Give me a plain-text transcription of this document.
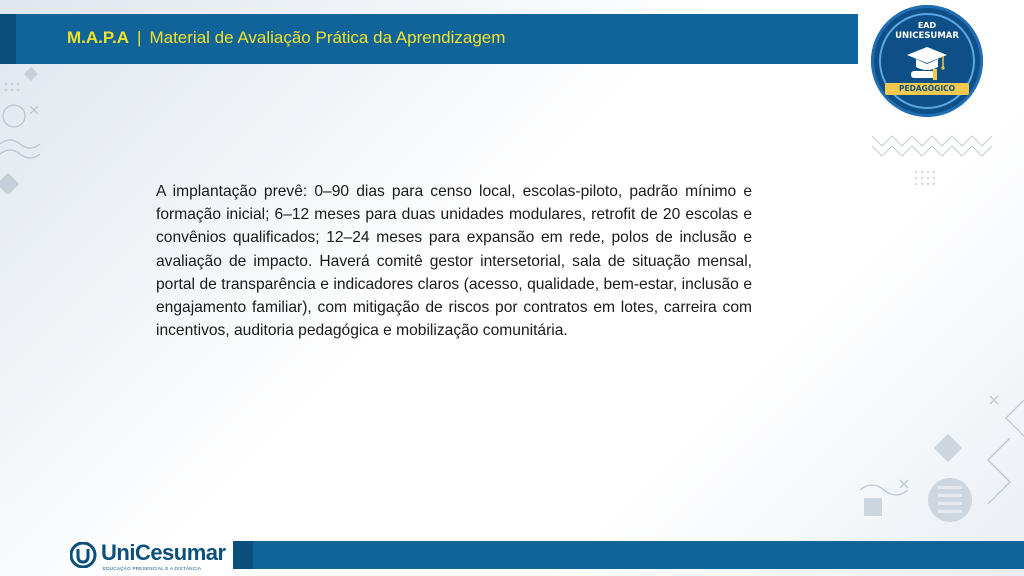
M.A.P.A | Material de Avaliação Prática da Aprendizagem
EAD
UNICESUMAR
PEDAGÓGICO

A implantação prevê: 0–90 dias para censo local, escolas-piloto, padrão mínimo e formação inicial; 6–12 meses para duas unidades modulares, retrofit de 20 escolas e convênios qualificados; 12–24 meses para expansão em rede, polos de inclusão e avaliação de impacto. Haverá comitê gestor intersetorial, sala de situação mensal, portal de transparência e indicadores claros (acesso, qualidade, bem-estar, inclusão e engajamento familiar), com mitigação de riscos por contratos em lotes, carreira com incentivos, auditoria pedagógica e mobilização comunitária.

UniCesumar
EDUCAÇÃO PRESENCIAL E A DISTÂNCIA
